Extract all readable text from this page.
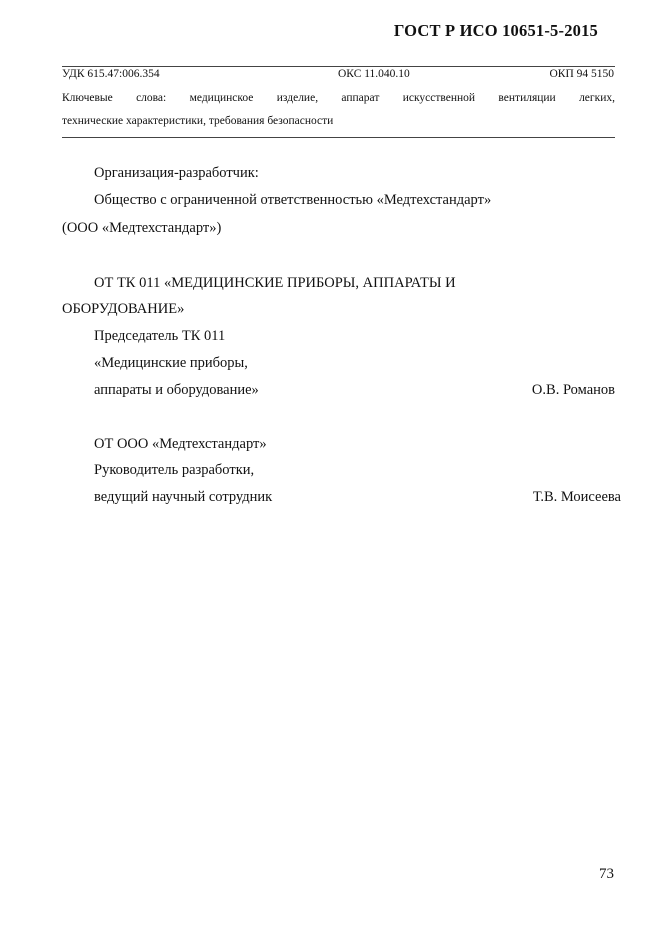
ГОСТ Р ИСО 10651-5-2015
УДК 615.47:006.354	ОКС 11.040.10	ОКП 94 5150
Ключевые слова: медицинское изделие, аппарат искусственной вентиляции легких,
технические характеристики, требования безопасности
Организация-разработчик:
Общество с ограниченной ответственностью «Медтехстандарт»
(ООО «Медтехстандарт»)
ОТ ТК 011 «МЕДИЦИНСКИЕ ПРИБОРЫ, АППАРАТЫ И
ОБОРУДОВАНИЕ»
Председатель ТК 011
«Медицинские приборы,
аппараты и оборудование»	О.В. Романов
ОТ ООО «Медтехстандарт»
Руководитель разработки,
ведущий научный сотрудник	Т.В. Моисеева
73
